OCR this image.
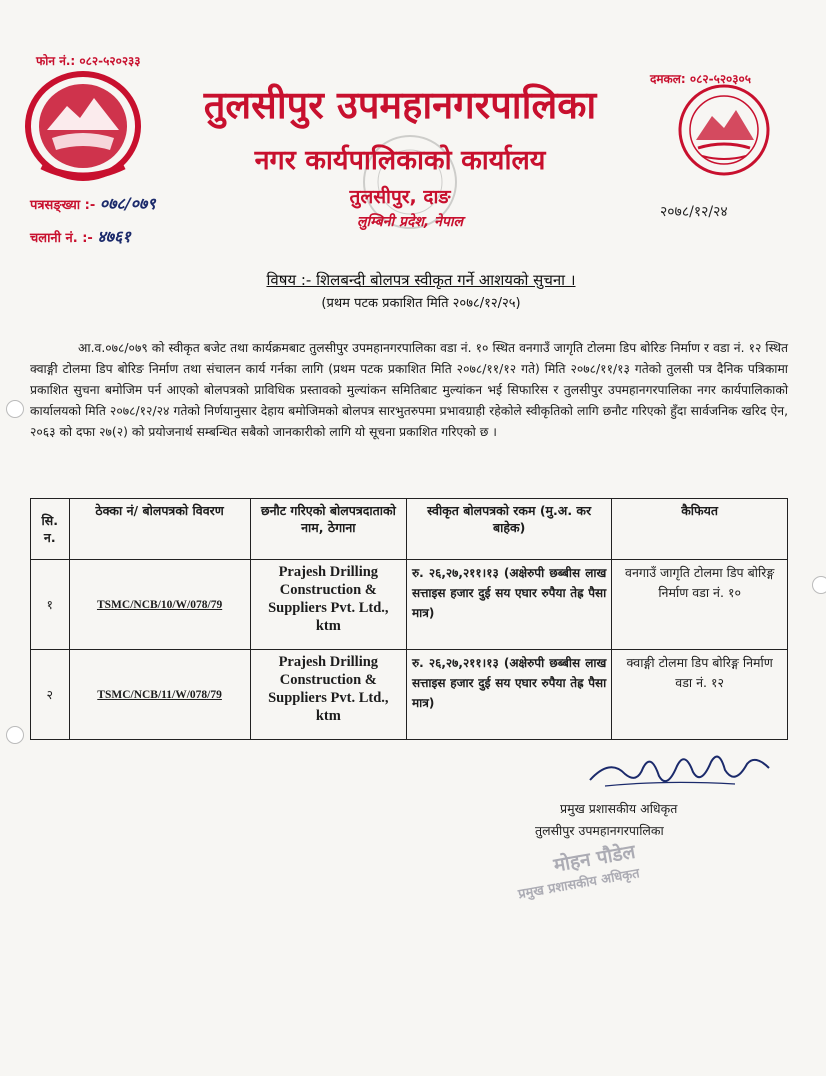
फोन नं.: ०८२-५२०२३३
दमकल: ०८२-५२०३०५
तुलसीपुर उपमहानगरपालिका
नगर कार्यपालिकाको कार्यालय
तुलसीपुर, दाङ
लुम्बिनी प्रदेश, नेपाल
पत्रसङ्ख्या :- ०७८/०७९
चलानी नं. :- ४७६१
२०७८/१२/२४
विषय :- शिलबन्दी बोलपत्र स्वीकृत गर्ने आशयको सुचना ।
(प्रथम पटक प्रकाशित मिति २०७८/१२/२५)
आ.व.०७८/०७९ को स्वीकृत बजेट तथा कार्यक्रमबाट तुलसीपुर उपमहानगरपालिका वडा नं. १० स्थित वनगाउँ जागृति टोलमा डिप बोरिङ निर्माण र वडा नं. १२ स्थित क्वाङ्गी टोलमा डिप बोरिङ निर्माण तथा संचालन कार्य गर्नका लागि (प्रथम पटक प्रकाशित मिति २०७८/११/१२ गते) मिति २०७८/११/१३ गतेको तुलसी पत्र दैनिक पत्रिकामा प्रकाशित सुचना बमोजिम पर्न आएको बोलपत्रको प्राविधिक प्रस्तावको मुल्यांकन समितिबाट मुल्यांकन भई सिफारिस र तुलसीपुर उपमहानगरपालिका नगर कार्यपालिकाको कार्यालयको मिति २०७८/१२/२४ गतेको निर्णयानुसार देहाय बमोजिमको बोलपत्र सारभुतरुपमा प्रभावग्राही रहेकोले स्वीकृतिको लागि छनौट गरिएको हुँदा सार्वजनिक खरिद ऐन, २०६३ को दफा २७(२) को प्रयोजनार्थ सम्बन्धित सबैको जानकारीको लागि यो सूचना प्रकाशित गरिएको छ ।
सि. न.	ठेक्का नं/ बोलपत्रको विवरण	छनौट गरिएको बोलपत्रदाताको नाम, ठेगाना	स्वीकृत बोलपत्रको रकम (मु.अ. कर बाहेक)	कैफियत
१	TSMC/NCB/10/W/078/79	Prajesh Drilling Construction & Suppliers Pvt. Ltd., ktm	रु. २६,२७,२११।१३ (अक्षेरुपी छब्बीस लाख सत्ताइस हजार दुई सय एघार रुपैया तेह्र पैसा मात्र)	वनगाउँ जागृति टोलमा डिप बोरिङ्ग निर्माण वडा नं. १०
२	TSMC/NCB/11/W/078/79	Prajesh Drilling Construction & Suppliers Pvt. Ltd., ktm	रु. २६,२७,२११।१३ (अक्षेरुपी छब्बीस लाख सत्ताइस हजार दुई सय एघार रुपैया तेह्र पैसा मात्र)	क्वाङ्गी टोलमा डिप बोरिङ्ग निर्माण वडा नं. १२
प्रमुख प्रशासकीय अधिकृत
तुलसीपुर उपमहानगरपालिका
मोहन पौडेल
प्रमुख प्रशासकीय अधिकृत
